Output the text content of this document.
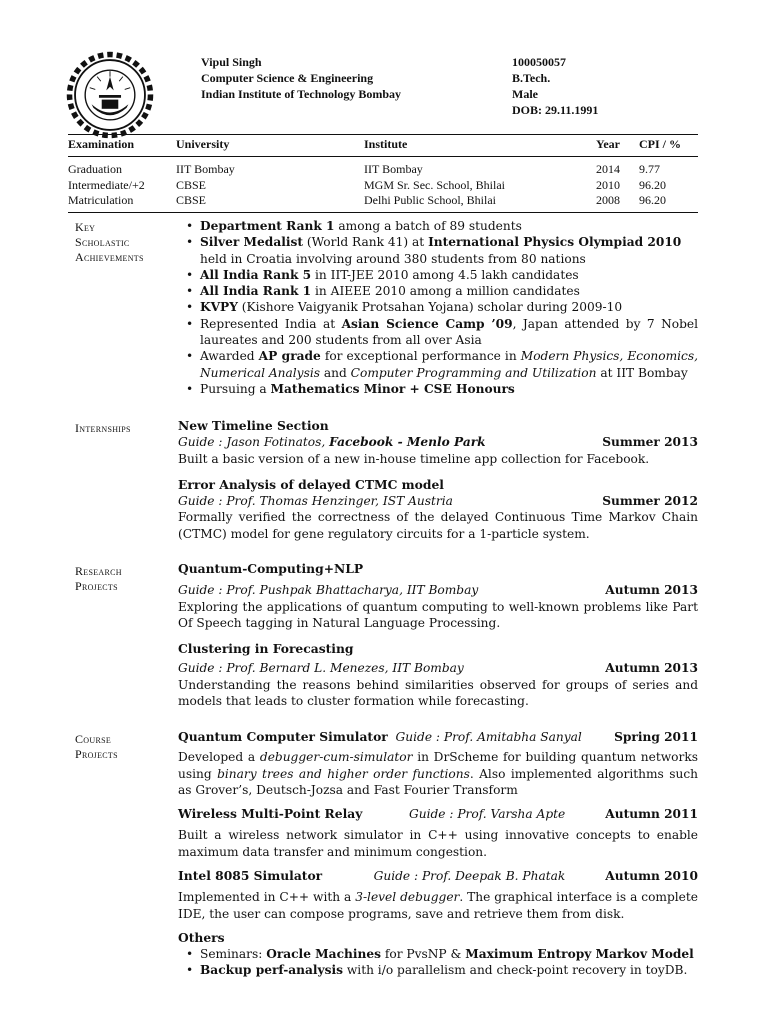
Vipul Singh
Computer Science & Engineering
Indian Institute of Technology Bombay
100050057
B.Tech.
Male
DOB: 29.11.1991
Examination	University	Institute	Year	CPI / %
Graduation	IIT Bombay	IIT Bombay	2014	9.77
Intermediate/+2	CBSE	MGM Sr. Sec. School, Bhilai	2010	96.20
Matriculation	CBSE	Delhi Public School, Bhilai	2008	96.20
Key
Scholastic
Achievements
• Department Rank 1 among a batch of 89 students
• Silver Medalist (World Rank 41) at International Physics Olympiad 2010 held in Croatia involving around 380 students from 80 nations
• All India Rank 5 in IIT-JEE 2010 among 4.5 lakh candidates
• All India Rank 1 in AIEEE 2010 among a million candidates
• KVPY (Kishore Vaigyanik Protsahan Yojana) scholar during 2009-10
• Represented India at Asian Science Camp ’09, Japan attended by 7 Nobel laureates and 200 students from all over Asia
• Awarded AP grade for exceptional performance in Modern Physics, Economics, Numerical Analysis and Computer Programming and Utilization at IIT Bombay
• Pursuing a Mathematics Minor + CSE Honours
Internships	New Timeline Section
Guide : Jason Fotinatos, Facebook - Menlo Park	Summer 2013
Built a basic version of a new in-house timeline app collection for Facebook.
Error Analysis of delayed CTMC model
Guide : Prof. Thomas Henzinger, IST Austria	Summer 2012
Formally verified the correctness of the delayed Continuous Time Markov Chain (CTMC) model for gene regulatory circuits for a 1-particle system.
Research
Projects
Quantum-Computing+NLP
Guide : Prof. Pushpak Bhattacharya, IIT Bombay	Autumn 2013
Exploring the applications of quantum computing to well-known problems like Part Of Speech tagging in Natural Language Processing.
Clustering in Forecasting
Guide : Prof. Bernard L. Menezes, IIT Bombay	Autumn 2013
Understanding the reasons behind similarities observed for groups of series and models that leads to cluster formation while forecasting.
Course
Projects
Quantum Computer Simulator Guide : Prof. Amitabha Sanyal	Spring 2011
Developed a debugger-cum-simulator in DrScheme for building quantum networks using binary trees and higher order functions. Also implemented algorithms such as Grover’s, Deutsch-Jozsa and Fast Fourier Transform
Wireless Multi-Point Relay	Guide : Prof. Varsha Apte	Autumn 2011
Built a wireless network simulator in C++ using innovative concepts to enable maximum data transfer and minimum congestion.
Intel 8085 Simulator	Guide : Prof. Deepak B. Phatak	Autumn 2010
Implemented in C++ with a 3-level debugger. The graphical interface is a complete IDE, the user can compose programs, save and retrieve them from disk.
Others
• Seminars: Oracle Machines for PvsNP & Maximum Entropy Markov Model
• Backup perf-analysis with i/o parallelism and check-point recovery in toyDB.
